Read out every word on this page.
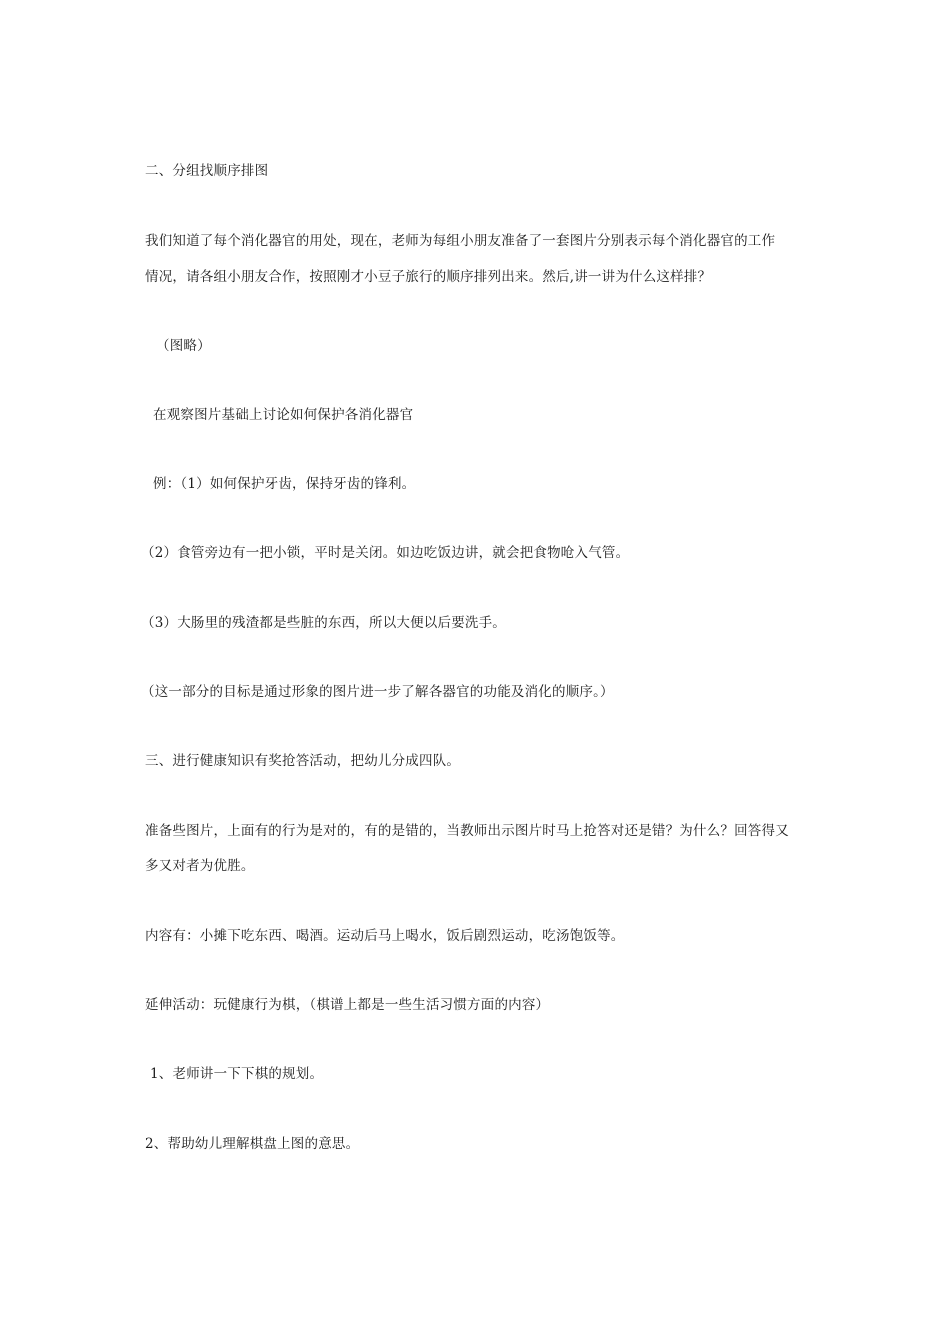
二、分组找顺序排图
我们知道了每个消化器官的用处，现在，老师为每组小朋友准备了一套图片分别表示每个消化器官的工作
情况，请各组小朋友合作，按照刚才小豆子旅行的顺序排列出来。然后,讲一讲为什么这样排？
（图略）
在观察图片基础上讨论如何保护各消化器官
例：（1）如何保护牙齿，保持牙齿的锋利。
（2）食管旁边有一把小锁，平时是关闭。如边吃饭边讲，就会把食物呛入气管。
（3）大肠里的残渣都是些脏的东西，所以大便以后要洗手。
（这一部分的目标是通过形象的图片进一步了解各器官的功能及消化的顺序。）
三、进行健康知识有奖抢答活动，把幼儿分成四队。
准备些图片，上面有的行为是对的，有的是错的，当教师出示图片时马上抢答对还是错？为什么？回答得又
多又对者为优胜。
内容有：小摊下吃东西、喝酒。运动后马上喝水，饭后剧烈运动，吃汤饱饭等。
延伸活动：玩健康行为棋，（棋谱上都是一些生活习惯方面的内容）
1、老师讲一下下棋的规划。
2、帮助幼儿理解棋盘上图的意思。
